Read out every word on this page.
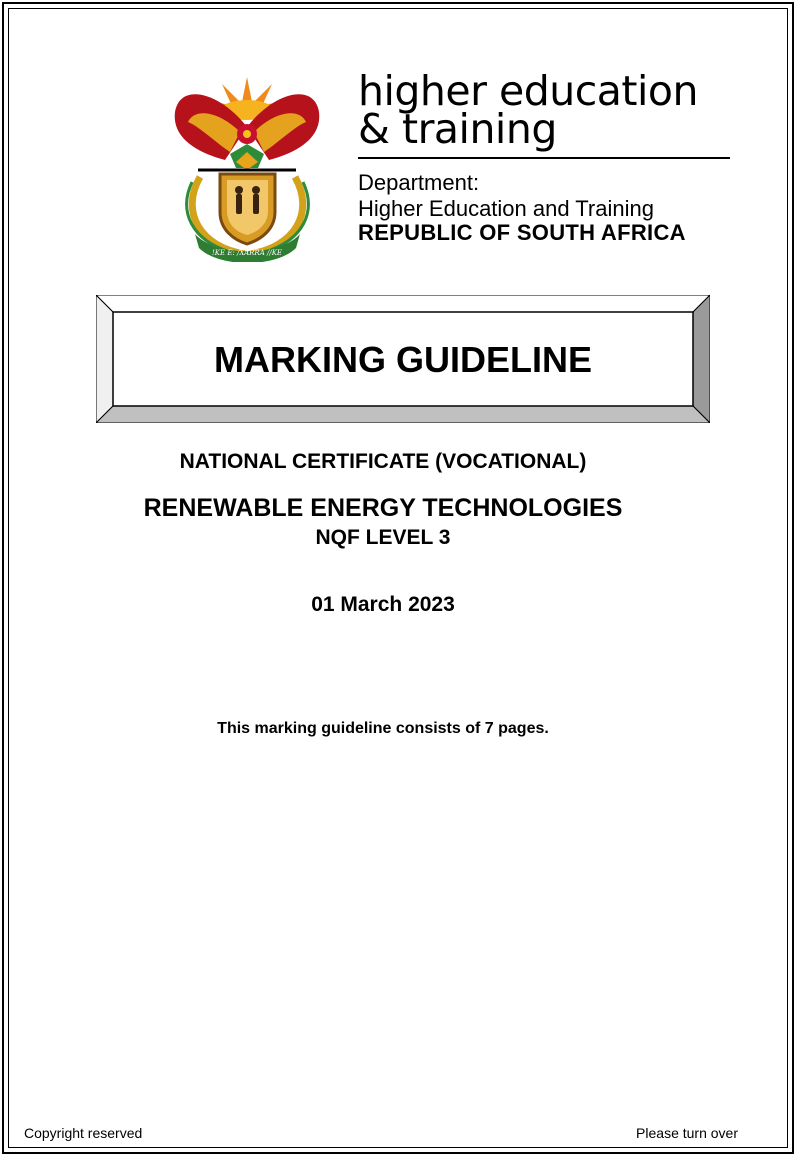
!KE E: /XARRA //KE
higher education
& training
Department:
Higher Education and Training
REPUBLIC OF SOUTH AFRICA
MARKING GUIDELINE
NATIONAL CERTIFICATE (VOCATIONAL)
RENEWABLE ENERGY TECHNOLOGIES
NQF LEVEL 3
01 March 2023
This marking guideline consists of 7 pages.
Copyright reserved	Please turn over
